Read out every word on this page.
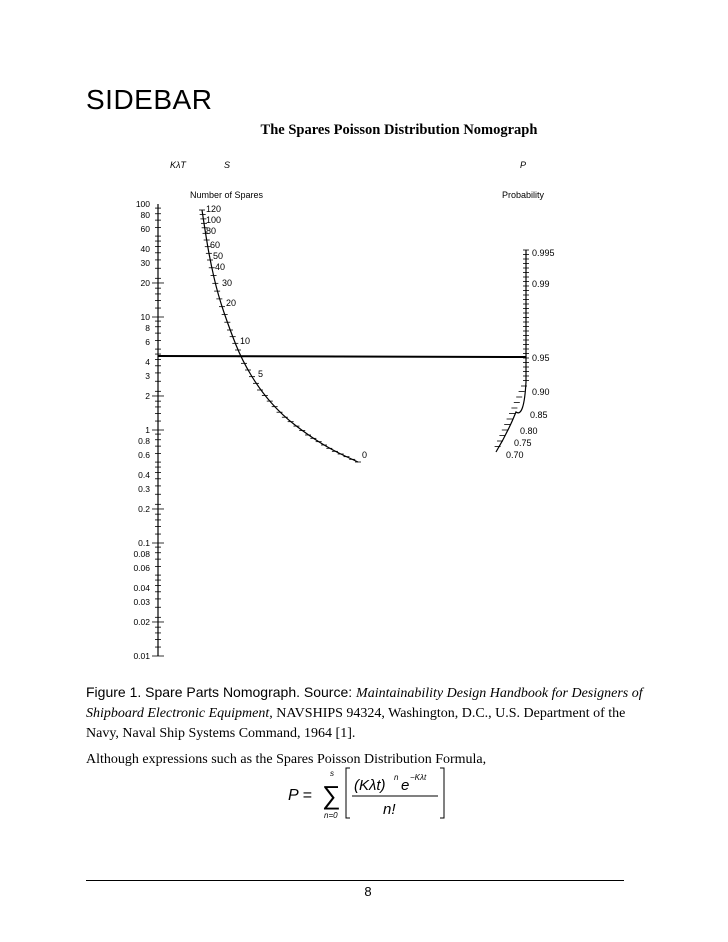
SIDEBAR
The Spares Poisson Distribution Nomograph
KλT	S	P
Number of Spares	Probability
100
80
60
40
30
20
10
8
6
4
3
2
1
0.8
0.6
0.4
0.3
0.2
0.1
0.08
0.06
0.04
0.03
0.02
0.01
120
100
80
60
50
40
30
20
10
5
0
0.995
0.99
0.95
0.90
0.85
0.80
0.75
0.70

Figure 1. Spare Parts Nomograph. Source: Maintainability Design Handbook for Designers of Shipboard Electronic Equipment, NAVSHIPS 94324, Washington, D.C., U.S. Department of the Navy, Naval Ship Systems Command, 1964 [1].

Although expressions such as the Spares Poisson Distribution Formula,

P =
s
∑
n=0
(Kλt) n e −Kλt
n!
8
